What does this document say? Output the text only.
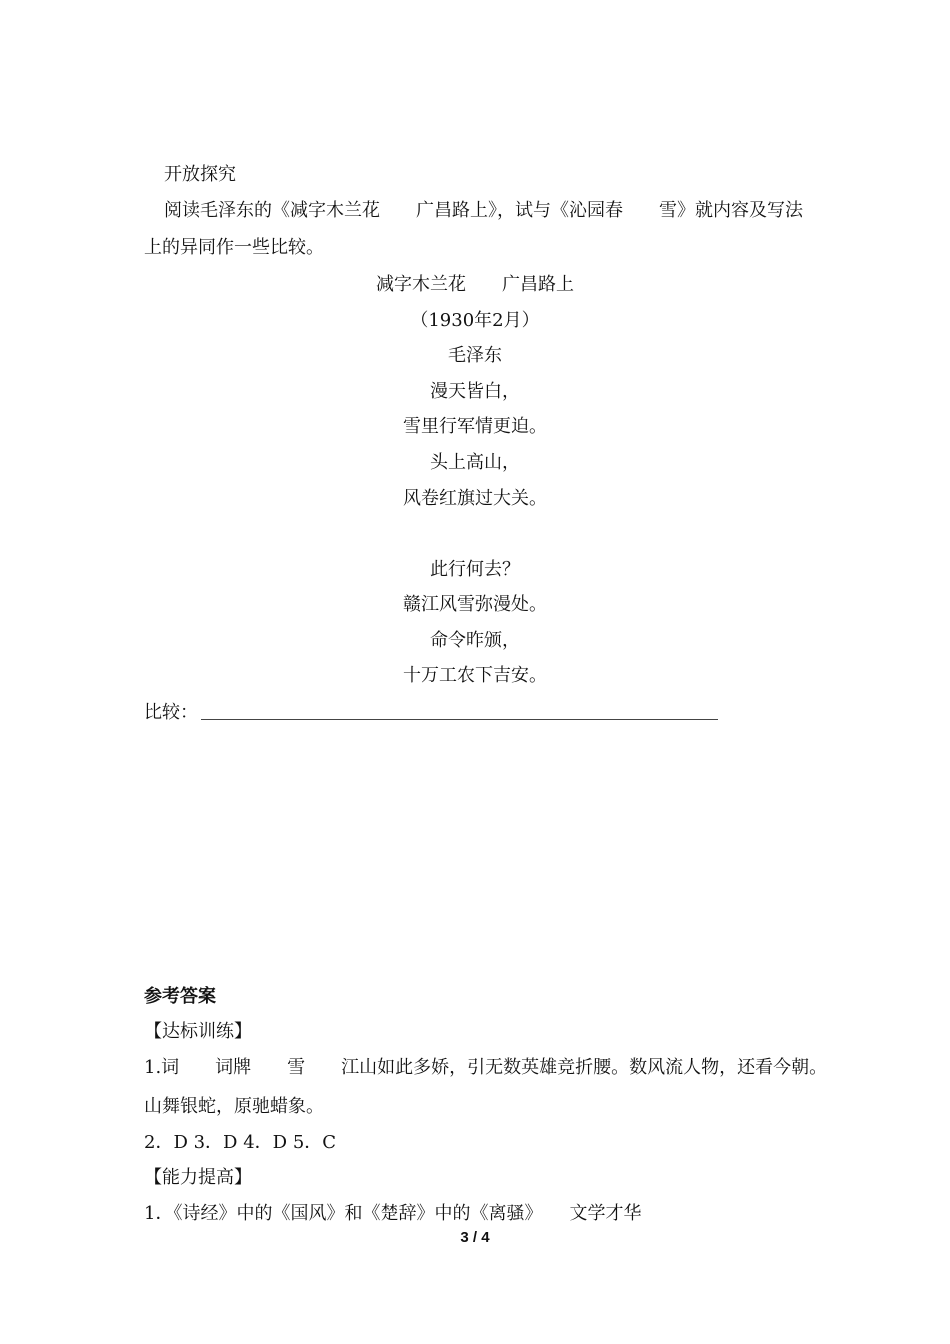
开放探究
阅读毛泽东的《减字木兰花　　广昌路上》，试与《沁园春　　雪》就内容及写法
上的异同作一些比较。
减字木兰花　　广昌路上
（1930年2月）
毛泽东
漫天皆白，
雪里行军情更迫。
头上高山，
风卷红旗过大关。
此行何去？
赣江风雪弥漫处。
命令昨颁，
十万工农下吉安。
比较：
参考答案
【达标训练】
1.词　　词牌　　雪　　江山如此多娇，引无数英雄竞折腰。数风流人物，还看今朝。
山舞银蛇，原驰蜡象。
2．D 3．D 4．D 5．C
【能力提高】
1．《诗经》中的《国风》和《楚辞》中的《离骚》　　文学才华
3 / 4
